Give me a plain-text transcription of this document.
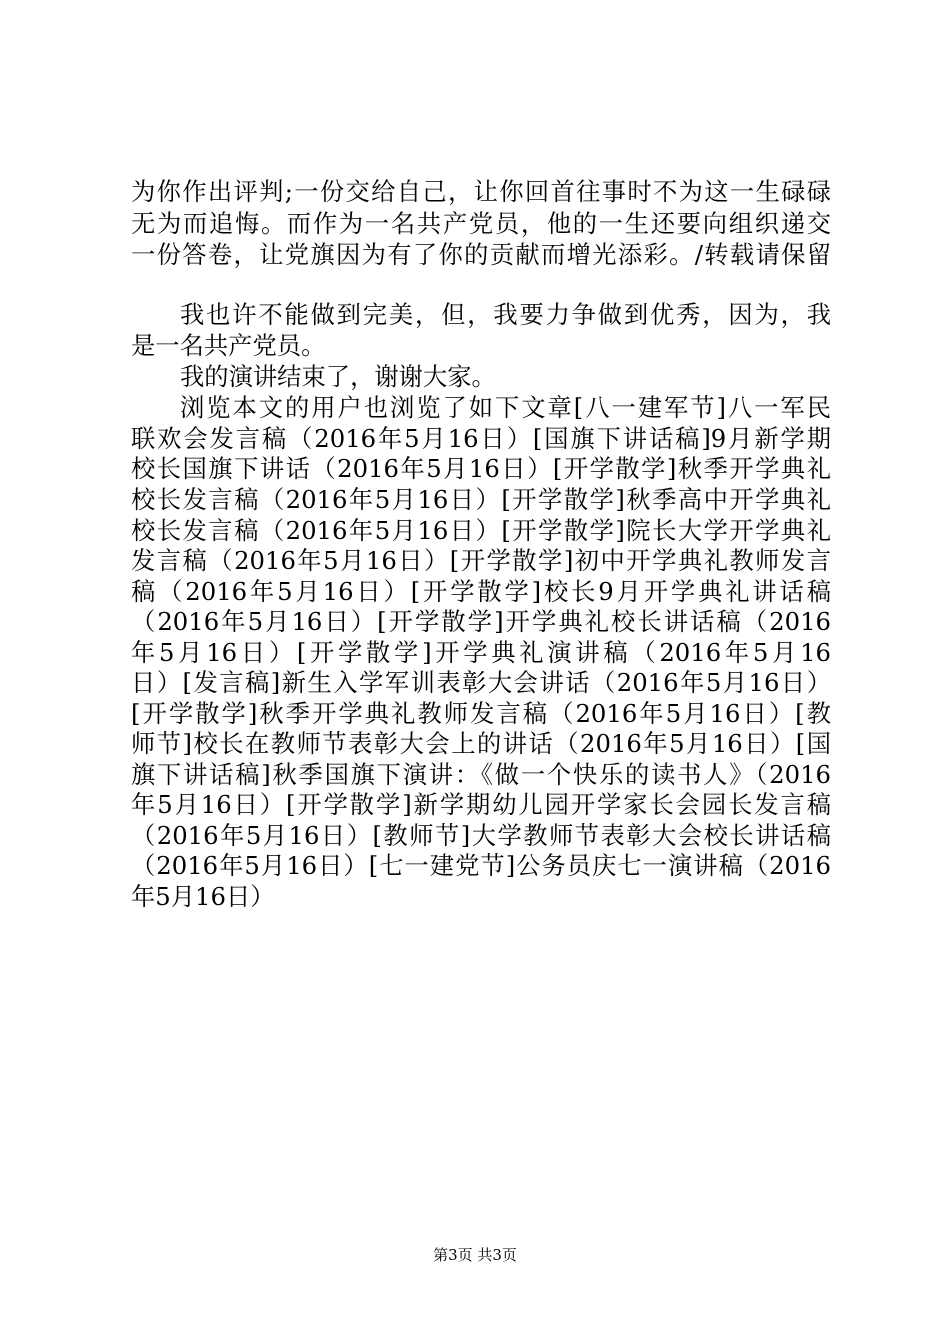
为你作出评判;一份交给自己，让你回首往事时不为这一生碌碌
无为而追悔。而作为一名共产党员，他的一生还要向组织递交
一份答卷，让党旗因为有了你的贡献而增光添彩。/转载请保留
我也许不能做到完美，但，我要力争做到优秀，因为，我
是一名共产党员。
我的演讲结束了，谢谢大家。
浏览本文的用户也浏览了如下文章[八一建军节]八一军民
联欢会发言稿（2016年5月16日）[国旗下讲话稿]9月新学期
校长国旗下讲话（2016年5月16日）[开学散学]秋季开学典礼
校长发言稿（2016年5月16日）[开学散学]秋季高中开学典礼
校长发言稿（2016年5月16日）[开学散学]院长大学开学典礼
发言稿（2016年5月16日）[开学散学]初中开学典礼教师发言
稿（2016年5月16日）[开学散学]校长9月开学典礼讲话稿
（2016年5月16日）[开学散学]开学典礼校长讲话稿（2016
年5月16日）[开学散学]开学典礼演讲稿（2016年5月16
日）[发言稿]新生入学军训表彰大会讲话（2016年5月16日）
[开学散学]秋季开学典礼教师发言稿（2016年5月16日）[教
师节]校长在教师节表彰大会上的讲话（2016年5月16日）[国
旗下讲话稿]秋季国旗下演讲：《做一个快乐的读书人》（2016
年5月16日）[开学散学]新学期幼儿园开学家长会园长发言稿
（2016年5月16日）[教师节]大学教师节表彰大会校长讲话稿
（2016年5月16日）[七一建党节]公务员庆七一演讲稿（2016
年5月16日）
第3页 共3页
